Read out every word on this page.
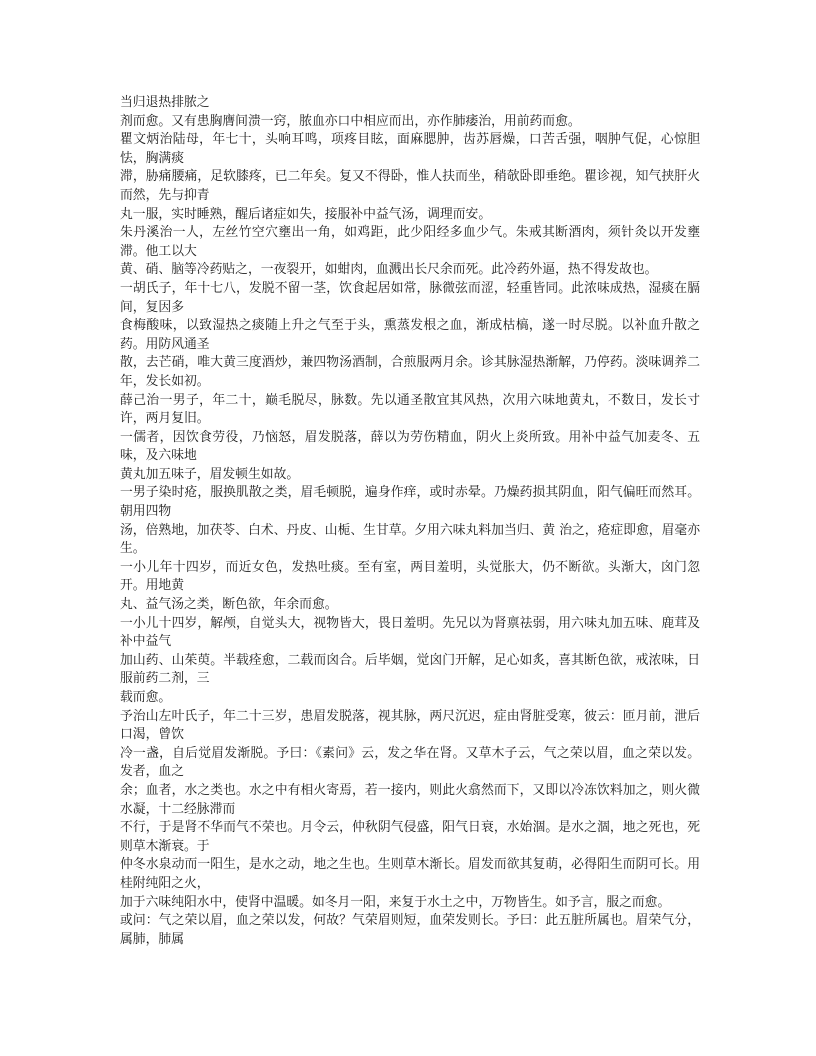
当归退热排脓之

剂而愈。又有患胸膺间溃一窍，脓血亦口中相应而出，亦作肺痿治，用前药而愈。

瞿文炳治陆母，年七十，头响耳鸣，项疼目眩，面麻腮肿，齿苏唇燥，口苦舌强，咽肿气促，心惊胆怯，胸满痰

滞，胁痛腰痛，足软膝疼，已二年矣。复又不得卧，惟人扶而坐，稍欹卧即垂绝。瞿诊视，知气挟肝火而然，先与抑青

丸一服，实时睡熟，醒后诸症如失，接服补中益气汤，调理而安。

朱丹溪治一人，左丝竹空穴壅出一角，如鸡距，此少阳经多血少气。朱戒其断酒肉，须针灸以开发壅滞。他工以大

黄、硝、脑等冷药贴之，一夜裂开，如蚶肉，血溅出长尺余而死。此冷药外逼，热不得发故也。

一胡氏子，年十七八，发脱不留一茎，饮食起居如常，脉微弦而涩，轻重皆同。此浓味成热，湿痰在膈间，复因多

食梅酸味，以致湿热之痰随上升之气至于头，熏蒸发根之血，渐成枯槁，遂一时尽脱。以补血升散之药。用防风通圣

散，去芒硝，唯大黄三度酒炒，兼四物汤酒制，合煎服两月余。诊其脉湿热渐解，乃停药。淡味调养二年，发长如初。

薛己治一男子，年二十，巅毛脱尽，脉数。先以通圣散宜其风热，次用六味地黄丸，不数日，发长寸许，两月复旧。

一儒者，因饮食劳役，乃恼怒，眉发脱落，薛以为劳伤精血，阴火上炎所致。用补中益气加麦冬、五味，及六味地

黄丸加五味子，眉发顿生如故。

一男子染时疮，服换肌散之类，眉毛顿脱，遍身作痒，或时赤晕。乃燥药损其阴血，阳气偏旺而然耳。朝用四物

汤，倍熟地，加茯苓、白术、丹皮、山栀、生甘草。夕用六味丸料加当归、黄 治之，疮症即愈，眉毫亦生。

一小儿年十四岁，而近女色，发热吐痰。至有室，两目羞明，头觉胀大，仍不断欲。头渐大，囟门忽开。用地黄

丸、益气汤之类，断色欲，年余而愈。

一小儿十四岁，解颅，自觉头大，视物皆大，畏日羞明。先兄以为肾禀祛弱，用六味丸加五味、鹿茸及补中益气

加山药、山茱萸。半载痊愈，二载而囟合。后毕姻，觉囟门开解，足心如炙，喜其断色欲，戒浓味，日服前药二剂，三

载而愈。

予治山左叶氏子，年二十三岁，患眉发脱落，视其脉，两尺沉迟，症由肾脏受寒，彼云：匝月前，泄后口渴，曾饮

冷一盏，自后觉眉发渐脱。予曰：《素问》云，发之华在肾。又草木子云，气之荣以眉，血之荣以发。发者，血之

余；血者，水之类也。水之中有相火寄焉，若一接内，则此火翕然而下，又即以冷冻饮料加之，则火微水凝，十二经脉滞而

不行，于是肾不华而气不荣也。月令云，仲秋阴气侵盛，阳气日衰，水始涸。是水之涸，地之死也，死则草木渐衰。于

仲冬水泉动而一阳生，是水之动，地之生也。生则草木渐长。眉发而欲其复萌，必得阳生而阴可长。用桂附纯阳之火，

加于六味纯阳水中，使肾中温暖。如冬月一阳，来复于水土之中，万物皆生。如予言，服之而愈。

或问：气之荣以眉，血之荣以发，何故？气荣眉则短，血荣发则长。予曰：此五脏所属也。眉荣气分，属肺，肺属
